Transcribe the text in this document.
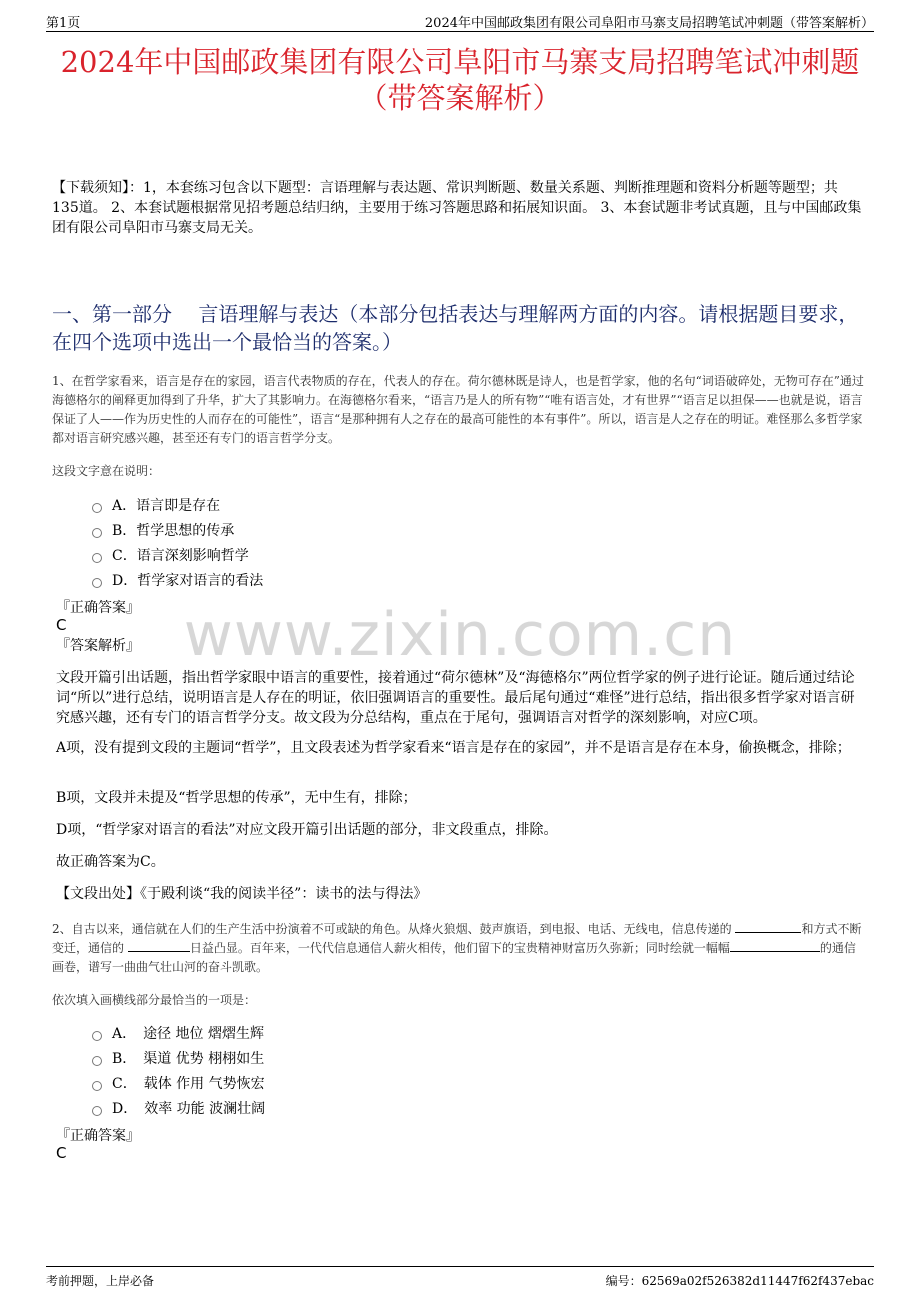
第1页	2024年中国邮政集团有限公司阜阳市马寨支局招聘笔试冲刺题（带答案解析）
2024年中国邮政集团有限公司阜阳市马寨支局招聘笔试冲刺题
（带答案解析）
【下载须知】：1，本套练习包含以下题型：言语理解与表达题、常识判断题、数量关系题、判断推理题和资料分析题等题型；共135道。 2、本套试题根据常见招考题总结归纳，主要用于练习答题思路和拓展知识面。 3、本套试题非考试真题，且与中国邮政集团有限公司阜阳市马寨支局无关。
一、第一部分　 言语理解与表达（本部分包括表达与理解两方面的内容。请根据题目要求，在四个选项中选出一个最恰当的答案。）
www.zixin.com.cn
1、在哲学家看来，语言是存在的家园，语言代表物质的存在，代表人的存在。荷尔德林既是诗人，也是哲学家，他的名句“词语破碎处，无物可存在”通过海德格尔的阐释更加得到了升华，扩大了其影响力。在海德格尔看来，“语言乃是人的所有物”“唯有语言处，才有世界”“语言足以担保——也就是说，语言保证了人——作为历史性的人而存在的可能性”，语言“是那种拥有人之存在的最高可能性的本有事件”。所以，语言是人之存在的明证。难怪那么多哲学家都对语言研究感兴趣，甚至还有专门的语言哲学分支。
这段文字意在说明：
A．语言即是存在
B．哲学思想的传承
C．语言深刻影响哲学
D．哲学家对语言的看法
『正确答案』
C
『答案解析』
文段开篇引出话题，指出哲学家眼中语言的重要性，接着通过“荷尔德林”及“海德格尔”两位哲学家的例子进行论证。随后通过结论词“所以”进行总结，说明语言是人存在的明证，依旧强调语言的重要性。最后尾句通过“难怪”进行总结，指出很多哲学家对语言研究感兴趣，还有专门的语言哲学分支。故文段为分总结构，重点在于尾句，强调语言对哲学的深刻影响，对应C项。
A项，没有提到文段的主题词“哲学”，且文段表述为哲学家看来“语言是存在的家园”，并不是语言是存在本身，偷换概念，排除；
B项，文段并未提及“哲学思想的传承”，无中生有，排除；
D项，“哲学家对语言的看法”对应文段开篇引出话题的部分，非文段重点，排除。
故正确答案为C。
【文段出处】《于殿利谈“我的阅读半径”：读书的法与得法》
2、自古以来，通信就在人们的生产生活中扮演着不可或缺的角色。从烽火狼烟、鼓声旗语，到电报、电话、无线电，信息传递的	和方式不断变迁，通信的	日益凸显。百年来，一代代信息通信人薪火相传，他们留下的宝贵精神财富历久弥新；同时绘就一幅幅	的通信画卷，谱写一曲曲气壮山河的奋斗凯歌。
依次填入画横线部分最恰当的一项是：
A．　途径 地位 熠熠生辉
B．　渠道 优势 栩栩如生
C．　载体 作用 气势恢宏
D．　效率 功能 波澜壮阔
『正确答案』
C
考前押题，上岸必备	编号：62569a02f526382d11447f62f437ebac
